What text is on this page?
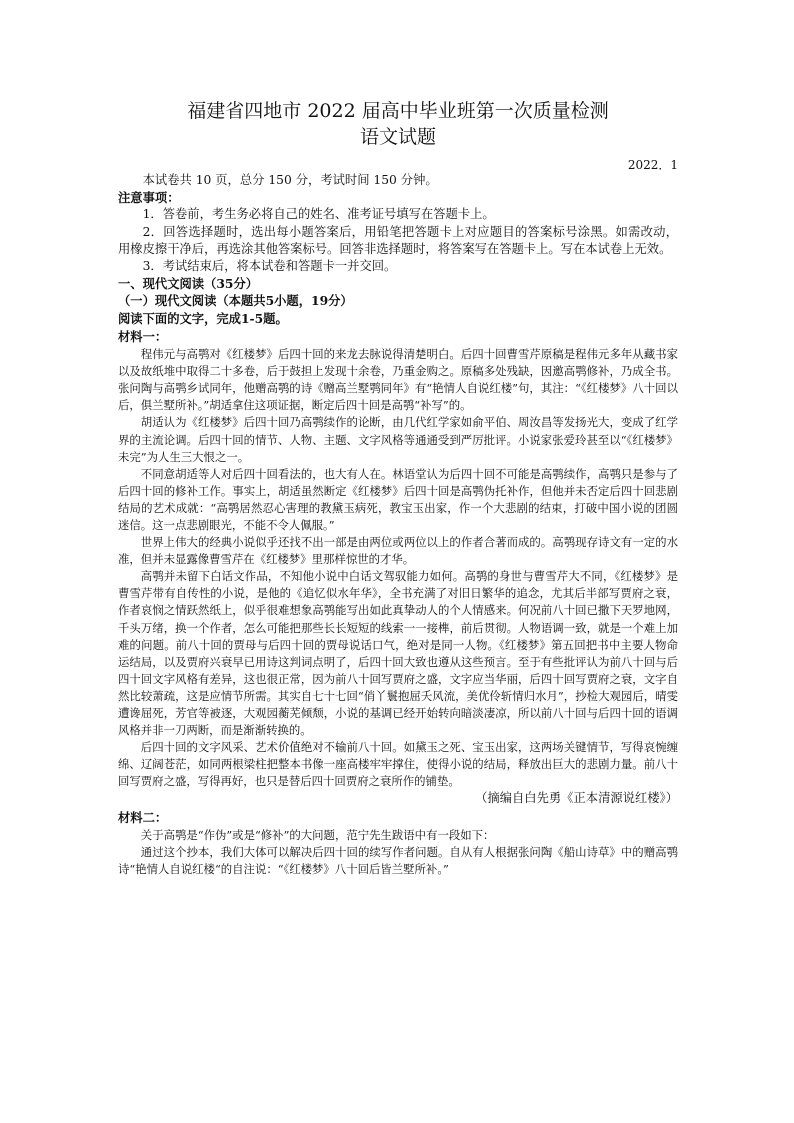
福建省四地市 2022 届高中毕业班第一次质量检测
语文试题
2022．1

本试卷共 10 页，总分 150 分，考试时间 150 分钟。

注意事项：

1．答卷前，考生务必将自己的姓名、准考证号填写在答题卡上。

2．回答选择题时，选出每小题答案后，用铅笔把答题卡上对应题目的答案标号涂黑。如需改动，用橡皮擦干净后，再选涂其他答案标号。回答非选择题时，将答案写在答题卡上。写在本试卷上无效。

3．考试结束后，将本试卷和答题卡一并交回。

一、现代文阅读（35分）

（一）现代文阅读（本题共5小题，19分）

阅读下面的文字，完成1-5题。

材料一：

程伟元与高鹗对《红楼梦》后四十回的来龙去脉说得清楚明白。后四十回曹雪芹原稿是程伟元多年从藏书家以及故纸堆中取得二十多卷，后于鼓担上发现十余卷，乃重金购之。原稿多处残缺，因邀高鹗修补，乃成全书。张问陶与高鹗乡试同年，他赠高鹗的诗《赠高兰墅鹗同年》有“艳情人自说红楼”句，其注：“《红楼梦》八十回以后，俱兰墅所补。”胡适拿住这项证据，断定后四十回是高鹗“补写”的。

胡适认为《红楼梦》后四十回乃高鹗续作的论断，由几代红学家如俞平伯、周汝昌等发扬光大，变成了红学界的主流论调。后四十回的情节、人物、主题、文字风格等通通受到严厉批评。小说家张爱玲甚至以“《红楼梦》未完”为人生三大恨之一。

不同意胡适等人对后四十回看法的，也大有人在。林语堂认为后四十回不可能是高鹗续作，高鹗只是参与了后四十回的修补工作。事实上，胡适虽然断定《红楼梦》后四十回是高鹗伪托补作，但他并未否定后四十回悲剧结局的艺术成就：“高鹗居然忍心害理的教黛玉病死，教宝玉出家，作一个大悲剧的结束，打破中国小说的团圆迷信。这一点悲剧眼光，不能不令人佩服。”

世界上伟大的经典小说似乎还找不出一部是由两位或两位以上的作者合著而成的。高鹗现存诗文有一定的水准，但并未显露像曹雪芹在《红楼梦》里那样惊世的才华。

高鹗并未留下白话文作品，不知他小说中白话文驾驭能力如何。高鹗的身世与曹雪芹大不同，《红楼梦》是曹雪芹带有自传性的小说，是他的《追忆似水年华》，全书充满了对旧日繁华的追念，尤其后半部写贾府之衰，作者哀悯之情跃然纸上，似乎很难想象高鹗能写出如此真挚动人的个人情感来。何况前八十回已撒下天罗地网，千头万绪，换一个作者，怎么可能把那些长长短短的线索一一接榫，前后贯彻。人物语调一致，就是一个难上加难的问题。前八十回的贾母与后四十回的贾母说话口气，绝对是同一人物。《红楼梦》第五回把书中主要人物命运结局，以及贾府兴衰早已用诗这判词点明了，后四十回大致也遵从这些预言。至于有些批评认为前八十回与后四十回文字风格有差异，这也很正常，因为前八十回写贾府之盛，文字应当华丽，后四十回写贾府之衰，文字自然比较萧疏，这是应情节所需。其实自七十七回“俏丫鬟抱屈夭风流，美优伶斩情归水月”，抄检大观园后，晴雯遭谗屈死，芳官等被逐，大观园蘅芜倾颓，小说的基调已经开始转向暗淡凄凉，所以前八十回与后四十回的语调风格并非一刀两断，而是渐渐转换的。

后四十回的文字风采、艺术价值绝对不输前八十回。如黛玉之死、宝玉出家，这两场关键情节，写得哀惋缠绵、辽阔苍茫，如同两根梁柱把整本书像一座高楼牢牢撑住，使得小说的结局，释放出巨大的悲剧力量。前八十回写贾府之盛，写得再好，也只是替后四十回贾府之衰所作的铺垫。

（摘编自白先勇《正本清源说红楼》）

材料二：

关于高鹗是“作伪”或是“修补”的大问题，范宁先生跋语中有一段如下：

通过这个抄本，我们大体可以解决后四十回的续写作者问题。自从有人根据张问陶《船山诗草》中的赠高鹗诗“艳情人自说红楼“的自注说：“《红楼梦》八十回后皆兰墅所补。”
